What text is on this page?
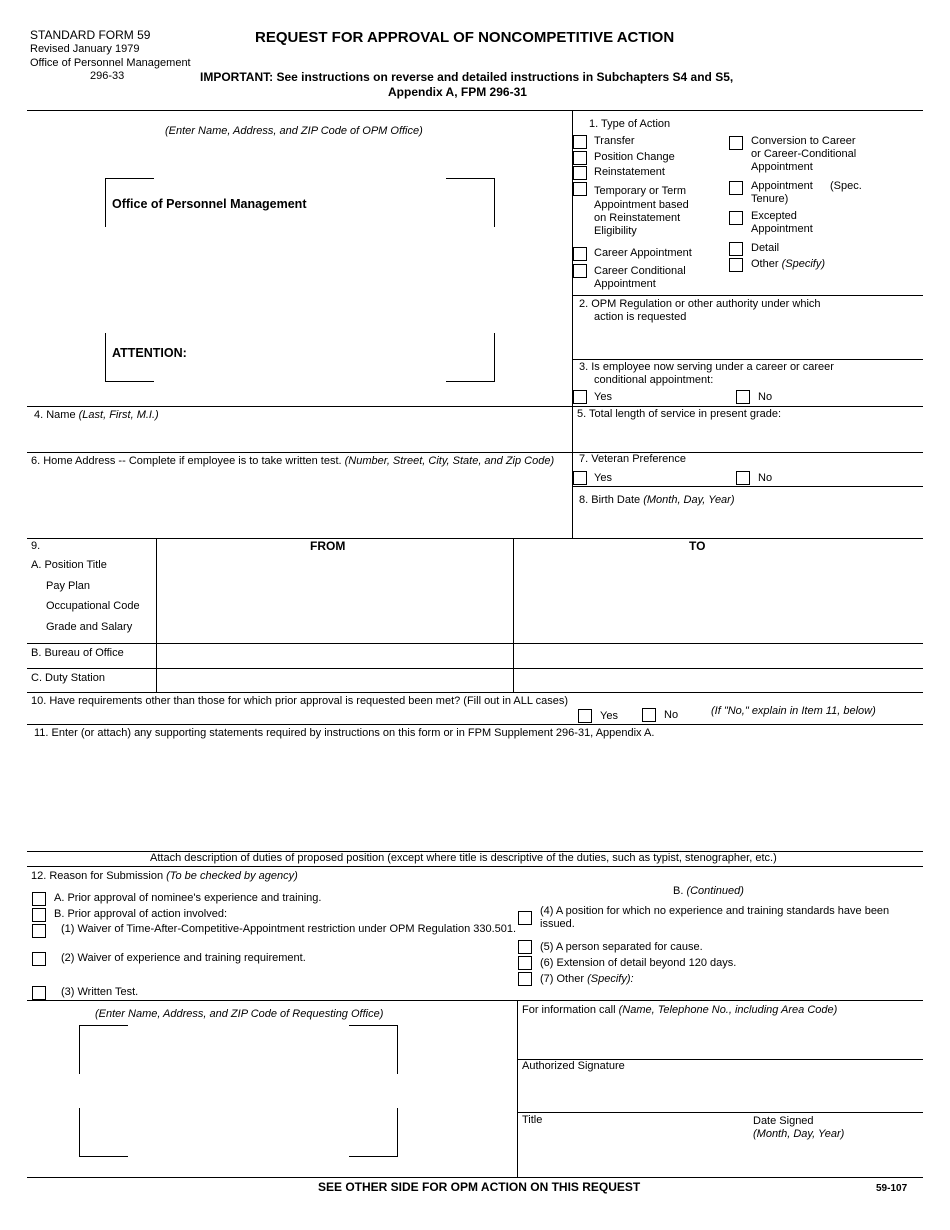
STANDARD FORM 59
Revised January 1979
Office of Personnel Management
296-33
REQUEST FOR APPROVAL OF NONCOMPETITIVE ACTION
IMPORTANT: See instructions on reverse and detailed instructions in Subchapters S4 and S5,
Appendix A, FPM 296-31
(Enter Name, Address, and ZIP Code of OPM Office)
Office of Personnel Management
ATTENTION:
1. Type of Action
Transfer
Position Change
Reinstatement
Temporary or Term
Appointment based
on Reinstatement
Eligibility
Career Appointment
Career Conditional
Appointment
Conversion to Career
or Career-Conditional
Appointment
Appointment (Spec.
Tenure)
Excepted
Appointment
Detail
Other (Specify)
2. OPM Regulation or other authority under which
action is requested
3. Is employee now serving under a career or career
conditional appointment:
Yes	No
4. Name (Last, First, M.I.)	5. Total length of service in present grade:
6. Home Address -- Complete if employee is to take written test. (Number, Street, City, State, and Zip Code) 7. Veteran Preference
Yes	No
8. Birth Date (Month, Day, Year)
9.	FROM	TO
A. Position Title
Pay Plan
Occupational Code
Grade and Salary
B. Bureau of Office
C. Duty Station
10. Have requirements other than those for which prior approval is requested been met? (Fill out in ALL cases)
Yes	No	(If "No," explain in Item 11, below)
11. Enter (or attach) any supporting statements required by instructions on this form or in FPM Supplement 296-31, Appendix A.
Attach description of duties of proposed position (except where title is descriptive of the duties, such as typist, stenographer, etc.)
12. Reason for Submission (To be checked by agency)
A. Prior approval of nominee's experience and training.
B. Prior approval of action involved:
(1) Waiver of Time-After-Competitive-Appointment restriction under OPM Regulation 330.501.
(2) Waiver of experience and training requirement.
(3) Written Test.
B. (Continued)
(4) A position for which no experience and training standards have been
issued.
(5) A person separated for cause.
(6) Extension of detail beyond 120 days.
(7) Other (Specify):
(Enter Name, Address, and ZIP Code of Requesting Office)	For information call (Name, Telephone No., including Area Code)
Authorized Signature
Title	Date Signed
(Month, Day, Year)
SEE OTHER SIDE FOR OPM ACTION ON THIS REQUEST	59-107
